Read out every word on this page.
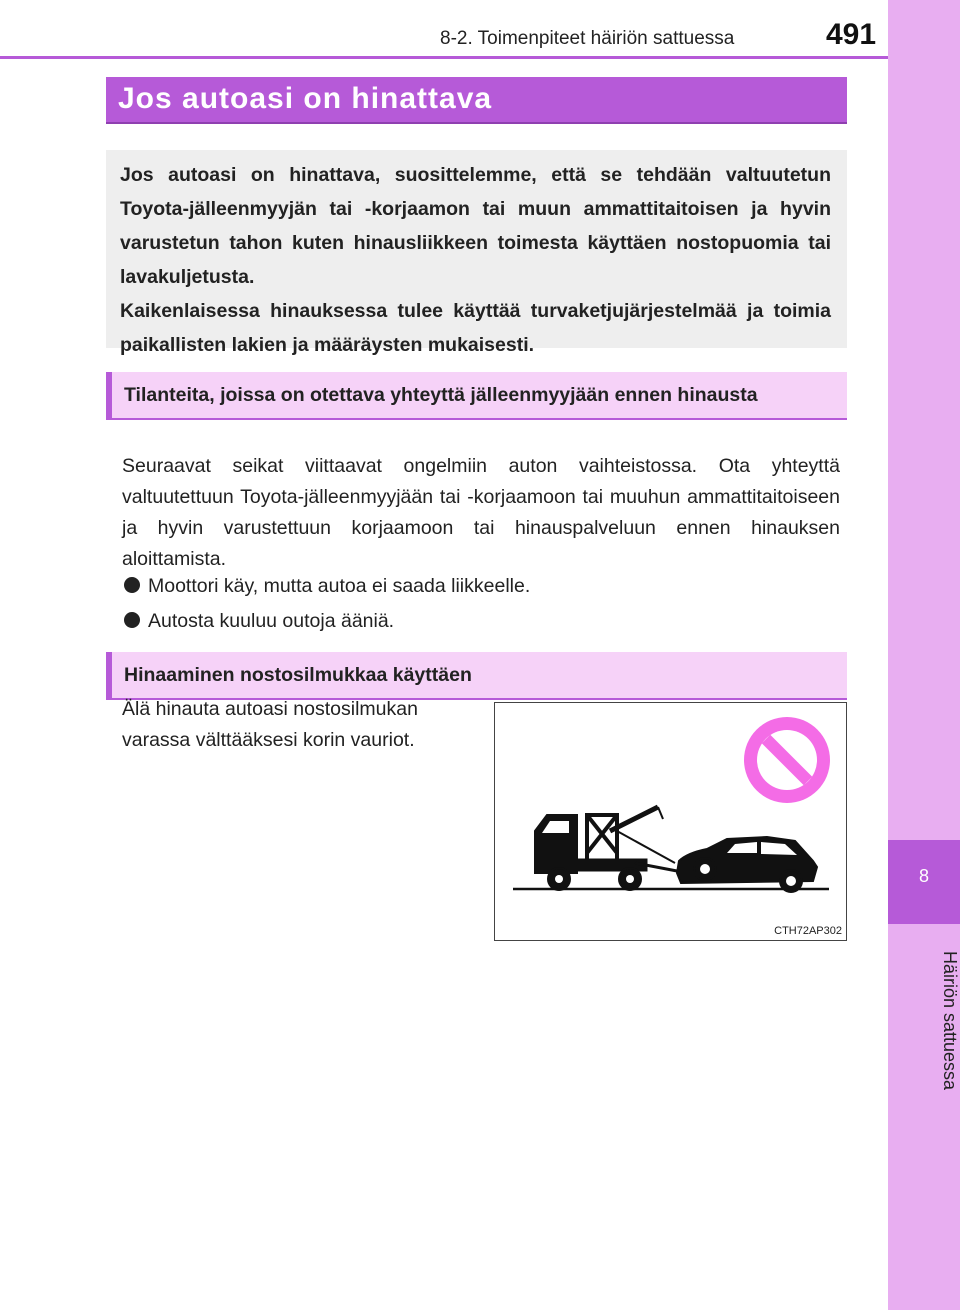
8
Häiriön sattuessa
8-2. Toimenpiteet häiriön sattuessa	491
Jos autoasi on hinattava

Jos autoasi on hinattava, suosittelemme, että se tehdään valtuutetun Toyota-jälleenmyyjän tai -korjaamon tai muun ammattitaitoisen ja hyvin varustetun tahon kuten hinausliikkeen toimesta käyttäen nostopuomia tai lavakuljetusta.

Kaikenlaisessa hinauksessa tulee käyttää turvaketjujärjestelmää ja toimia paikallisten lakien ja määräysten mukaisesti.

Tilanteita, joissa on otettava yhteyttä jälleenmyyjään ennen hinausta
Seuraavat seikat viittaavat ongelmiin auton vaihteistossa. Ota yhteyttä valtuutettuun Toyota-jälleenmyyjään tai -korjaamoon tai muuhun ammattitaitoiseen ja hyvin varustettuun korjaamoon tai hinauspalveluun ennen hinauksen aloittamista.
Moottori käy, mutta autoa ei saada liikkeelle.
Autosta kuuluu outoja ääniä.
Hinaaminen nostosilmukkaa käyttäen
Älä hinauta autoasi nostosilmukan varassa välttääksesi korin vauriot.
CTH72AP302
